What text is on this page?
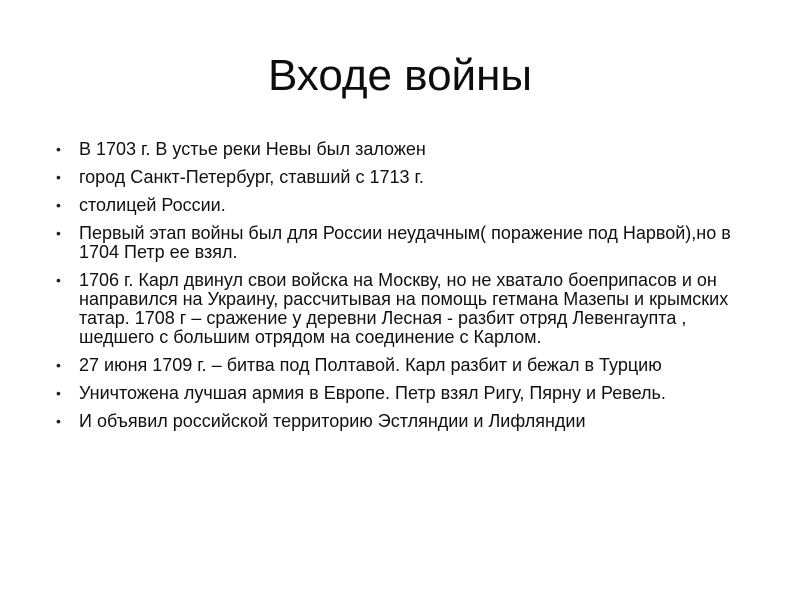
Входе войны
• В 1703 г. В устье реки Невы был заложен
• город Санкт-Петербург, ставший с 1713 г.
• столицей России.
• Первый этап войны был для России неудачным( поражение под Нарвой),но в 1704 Петр ее взял.
• 1706 г. Карл двинул свои войска на Москву, но не хватало боеприпасов и он направился на Украину, рассчитывая на помощь гетмана Мазепы и крымских татар. 1708 г – сражение у деревни Лесная - разбит отряд Левенгаупта , шедшего с большим отрядом на соединение с Карлом.
• 27 июня 1709 г. – битва под Полтавой. Карл разбит и бежал в Турцию
• Уничтожена лучшая армия в Европе. Петр взял Ригу, Пярну и Ревель.
• И объявил российской территорию Эстляндии и Лифляндии
